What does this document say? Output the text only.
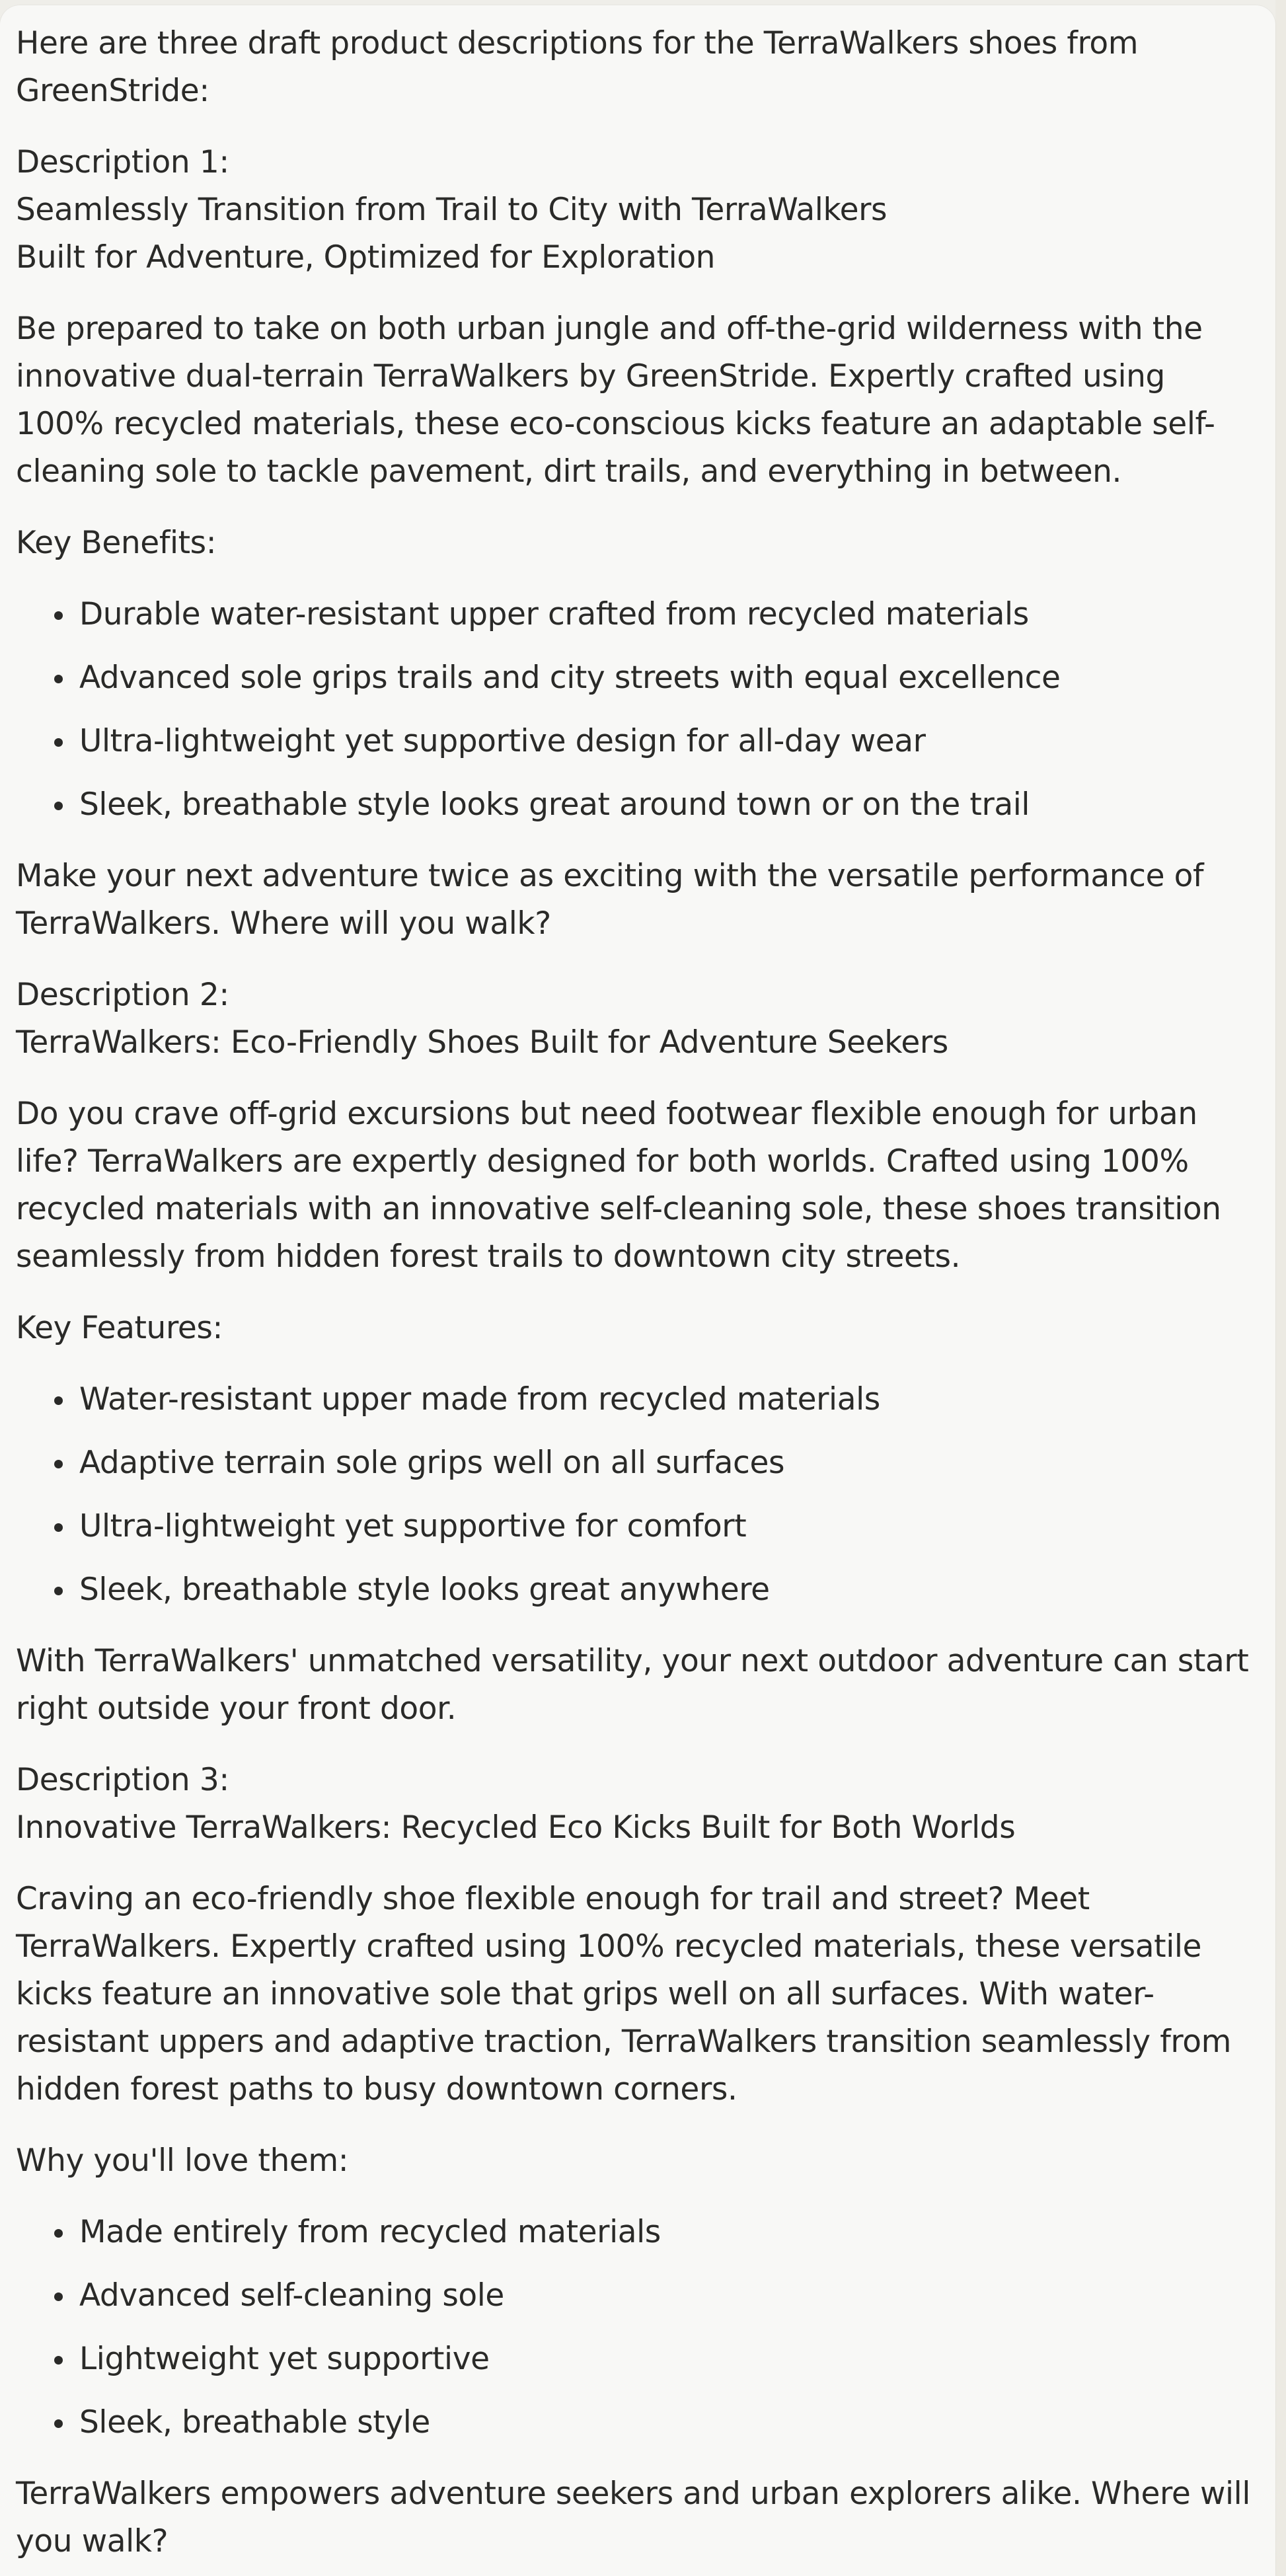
Here are three draft product descriptions for the TerraWalkers shoes from GreenStride:

Description 1:
Seamlessly Transition from Trail to City with TerraWalkers
Built for Adventure, Optimized for Exploration

Be prepared to take on both urban jungle and off-the-grid wilderness with the innovative dual-terrain TerraWalkers by GreenStride. Expertly crafted using 100% recycled materials, these eco-conscious kicks feature an adaptable self-cleaning sole to tackle pavement, dirt trails, and everything in between.

Key Benefits:

Durable water-resistant upper crafted from recycled materials
Advanced sole grips trails and city streets with equal excellence
Ultra-lightweight yet supportive design for all-day wear
Sleek, breathable style looks great around town or on the trail

Make your next adventure twice as exciting with the versatile performance of TerraWalkers. Where will you walk?

Description 2:
TerraWalkers: Eco-Friendly Shoes Built for Adventure Seekers

Do you crave off-grid excursions but need footwear flexible enough for urban life? TerraWalkers are expertly designed for both worlds. Crafted using 100% recycled materials with an innovative self-cleaning sole, these shoes transition seamlessly from hidden forest trails to downtown city streets.

Key Features:

Water-resistant upper made from recycled materials
Adaptive terrain sole grips well on all surfaces
Ultra-lightweight yet supportive for comfort
Sleek, breathable style looks great anywhere

With TerraWalkers' unmatched versatility, your next outdoor adventure can start right outside your front door.

Description 3:
Innovative TerraWalkers: Recycled Eco Kicks Built for Both Worlds

Craving an eco-friendly shoe flexible enough for trail and street? Meet TerraWalkers. Expertly crafted using 100% recycled materials, these versatile kicks feature an innovative sole that grips well on all surfaces. With water-resistant uppers and adaptive traction, TerraWalkers transition seamlessly from hidden forest paths to busy downtown corners.

Why you'll love them:

Made entirely from recycled materials
Advanced self-cleaning sole
Lightweight yet supportive
Sleek, breathable style

TerraWalkers empowers adventure seekers and urban explorers alike. Where will you walk?
